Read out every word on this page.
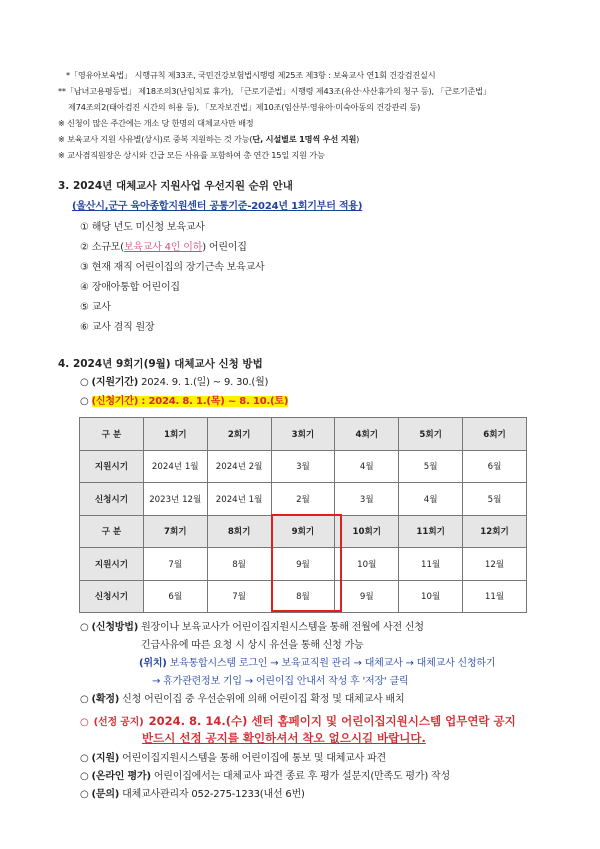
*「영유아보육법」 시행규칙 제33조, 국민건강보험법시행령 제25조 제3항 : 보육교사 연1회 건강검진실시
**「남녀고용평등법」 제18조의3(난임치료 휴가), 「근로기준법」시행령 제43조(유산·사산휴가의 청구 등), 「근로기준법」
제74조의2(태아검진 시간의 허용 등), 「모자보건법」제10조(임산부·영유아·미숙아동의 건강관리 등)
※ 신청이 많은 주간에는 개소 당 한명의 대체교사만 배정
※ 보육교사 지원 사유별(상시)로 중복 지원하는 것 가능(단, 시설별로 1명씩 우선 지원)
※ 교사겸직원장은 상시와 긴급 모든 사유를 포함하여 총 연간 15일 지원 가능
3. 2024년 대체교사 지원사업 우선지원 순위 안내
(울산시,군구 육아종합지원센터 공통기준-2024년 1회기부터 적용)
① 해당 년도 미신청 보육교사
② 소규모(보육교사 4인 이하) 어린이집
③ 현재 재직 어린이집의 장기근속 보육교사
④ 장애아통합 어린이집
⑤ 교사
⑥ 교사 겸직 원장
4. 2024년 9회기(9월) 대체교사 신청 방법
○ (지원기간) 2024. 9. 1.(일) ~ 9. 30.(월)
○ (신청기간) : 2024. 8. 1.(목) ~ 8. 10.(토)
구 분	1회기	2회기	3회기	4회기	5회기	6회기
지원시기	2024년 1월	2024년 2월	3월	4월	5월	6월
신청시기	2023년 12월	2024년 1월	2월	3월	4월	5월
구 분	7회기	8회기	9회기	10회기	11회기	12회기
지원시기	7월	8월	9월	10월	11월	12월
신청시기	6월	7월	8월	9월	10월	11월
○ (신청방법) 원장이나 보육교사가 어린이집지원시스템을 통해 전월에 사전 신청
긴급사유에 따른 요청 시 상시 유선을 통해 신청 가능
(위치) 보육통합시스템 로그인 → 보육교직원 관리 → 대체교사 → 대체교사 신청하기
→ 휴가관련정보 기입 → 어린이집 안내서 작성 후 '저장' 클릭
○ (확정) 신청 어린이집 중 우선순위에 의해 어린이집 확정 및 대체교사 배치
○ (선정 공지) 2024. 8. 14.(수) 센터 홈페이지 및 어린이집지원시스템 업무연락 공지
반드시 선정 공지를 확인하셔서 착오 없으시길 바랍니다.
○ (지원) 어린이집지원시스템을 통해 어린이집에 통보 및 대체교사 파견
○ (온라인 평가) 어린이집에서는 대체교사 파견 종료 후 평가 설문지(만족도 평가) 작성
○ (문의) 대체교사관리자 052-275-1233(내선 6번)
